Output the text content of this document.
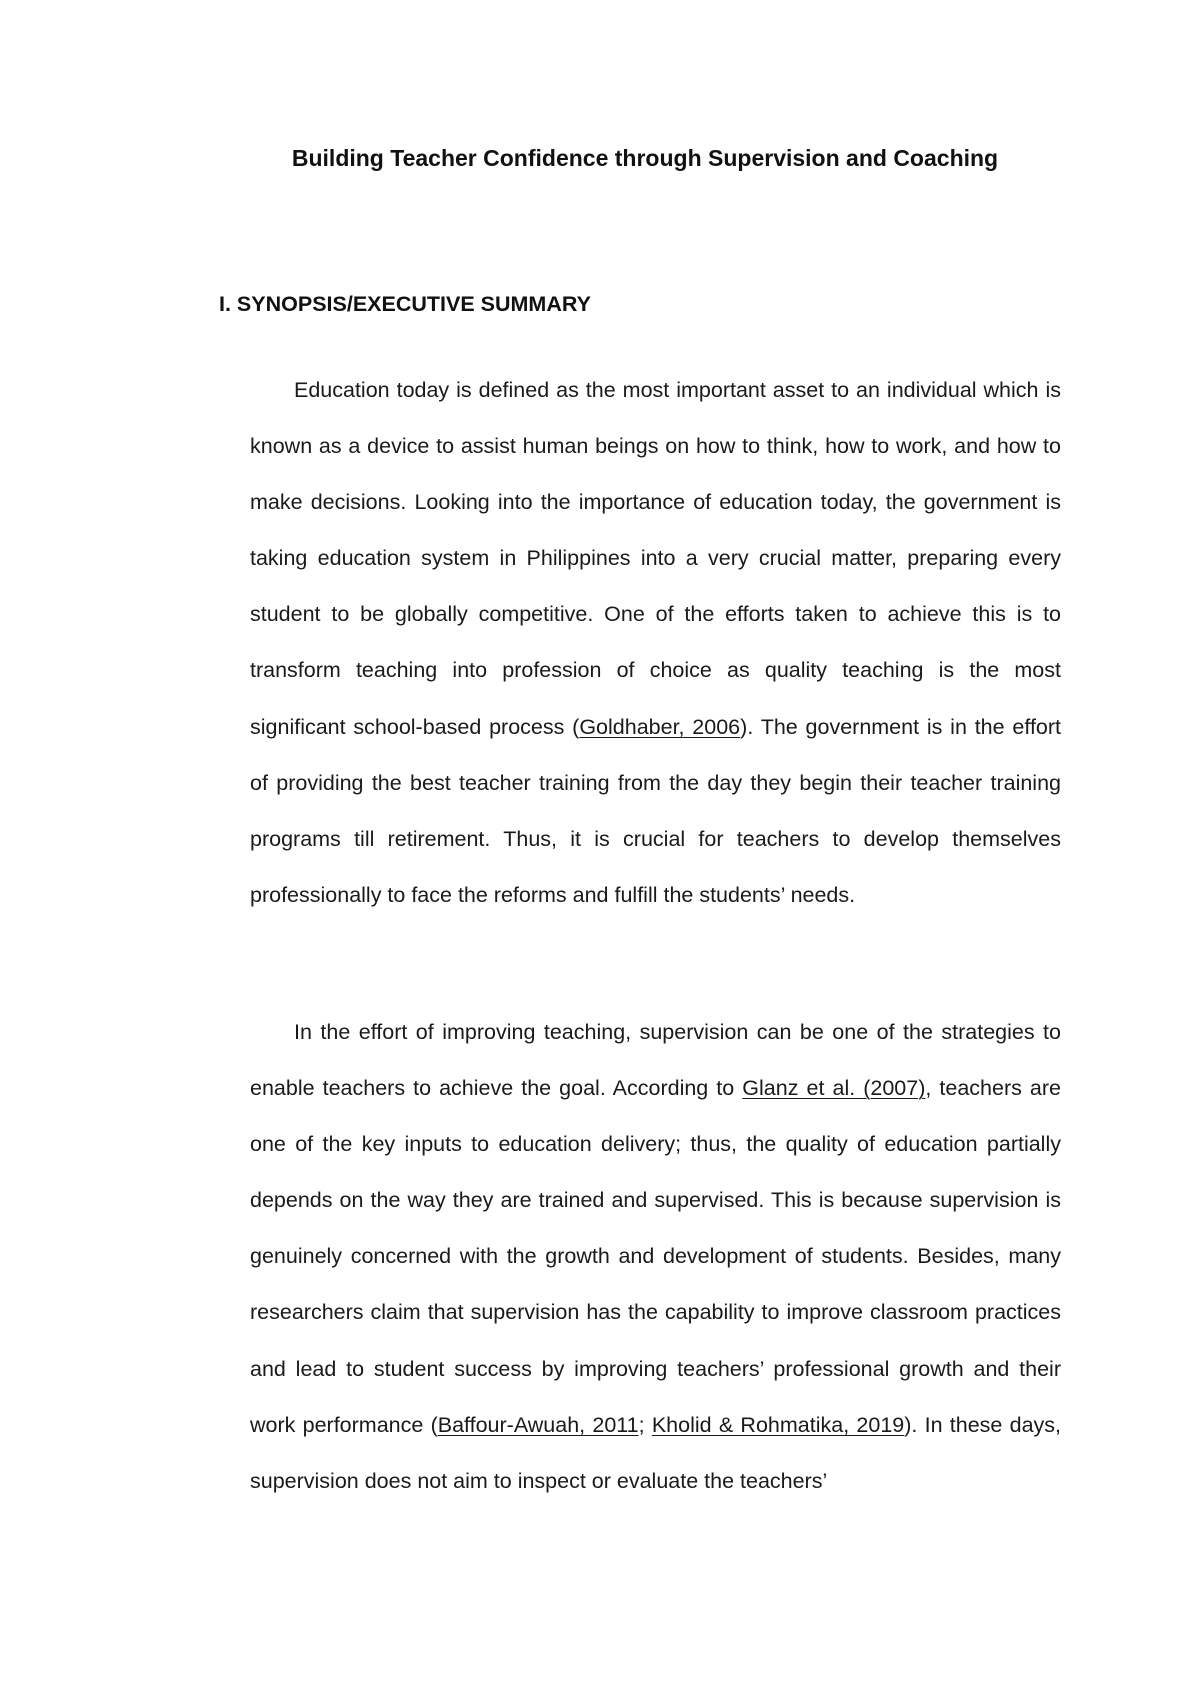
Building Teacher Confidence through Supervision and Coaching
I. SYNOPSIS/EXECUTIVE SUMMARY

Education today is defined as the most important asset to an individual which is known as a device to assist human beings on how to think, how to work, and how to make decisions. Looking into the importance of education today, the government is taking education system in Philippines into a very crucial matter, preparing every student to be globally competitive. One of the efforts taken to achieve this is to transform teaching into profession of choice as quality teaching is the most significant school-based process (Goldhaber, 2006). The government is in the effort of providing the best teacher training from the day they begin their teacher training programs till retirement. Thus, it is crucial for teachers to develop themselves professionally to face the reforms and fulfill the students’ needs.

In the effort of improving teaching, supervision can be one of the strategies to enable teachers to achieve the goal. According to Glanz et al. (2007), teachers are one of the key inputs to education delivery; thus, the quality of education partially depends on the way they are trained and supervised. This is because supervision is genuinely concerned with the growth and development of students. Besides, many researchers claim that supervision has the capability to improve classroom practices and lead to student success by improving teachers’ professional growth and their work performance (Baffour-Awuah, 2011; Kholid & Rohmatika, 2019). In these days, supervision does not aim to inspect or evaluate the teachers’
